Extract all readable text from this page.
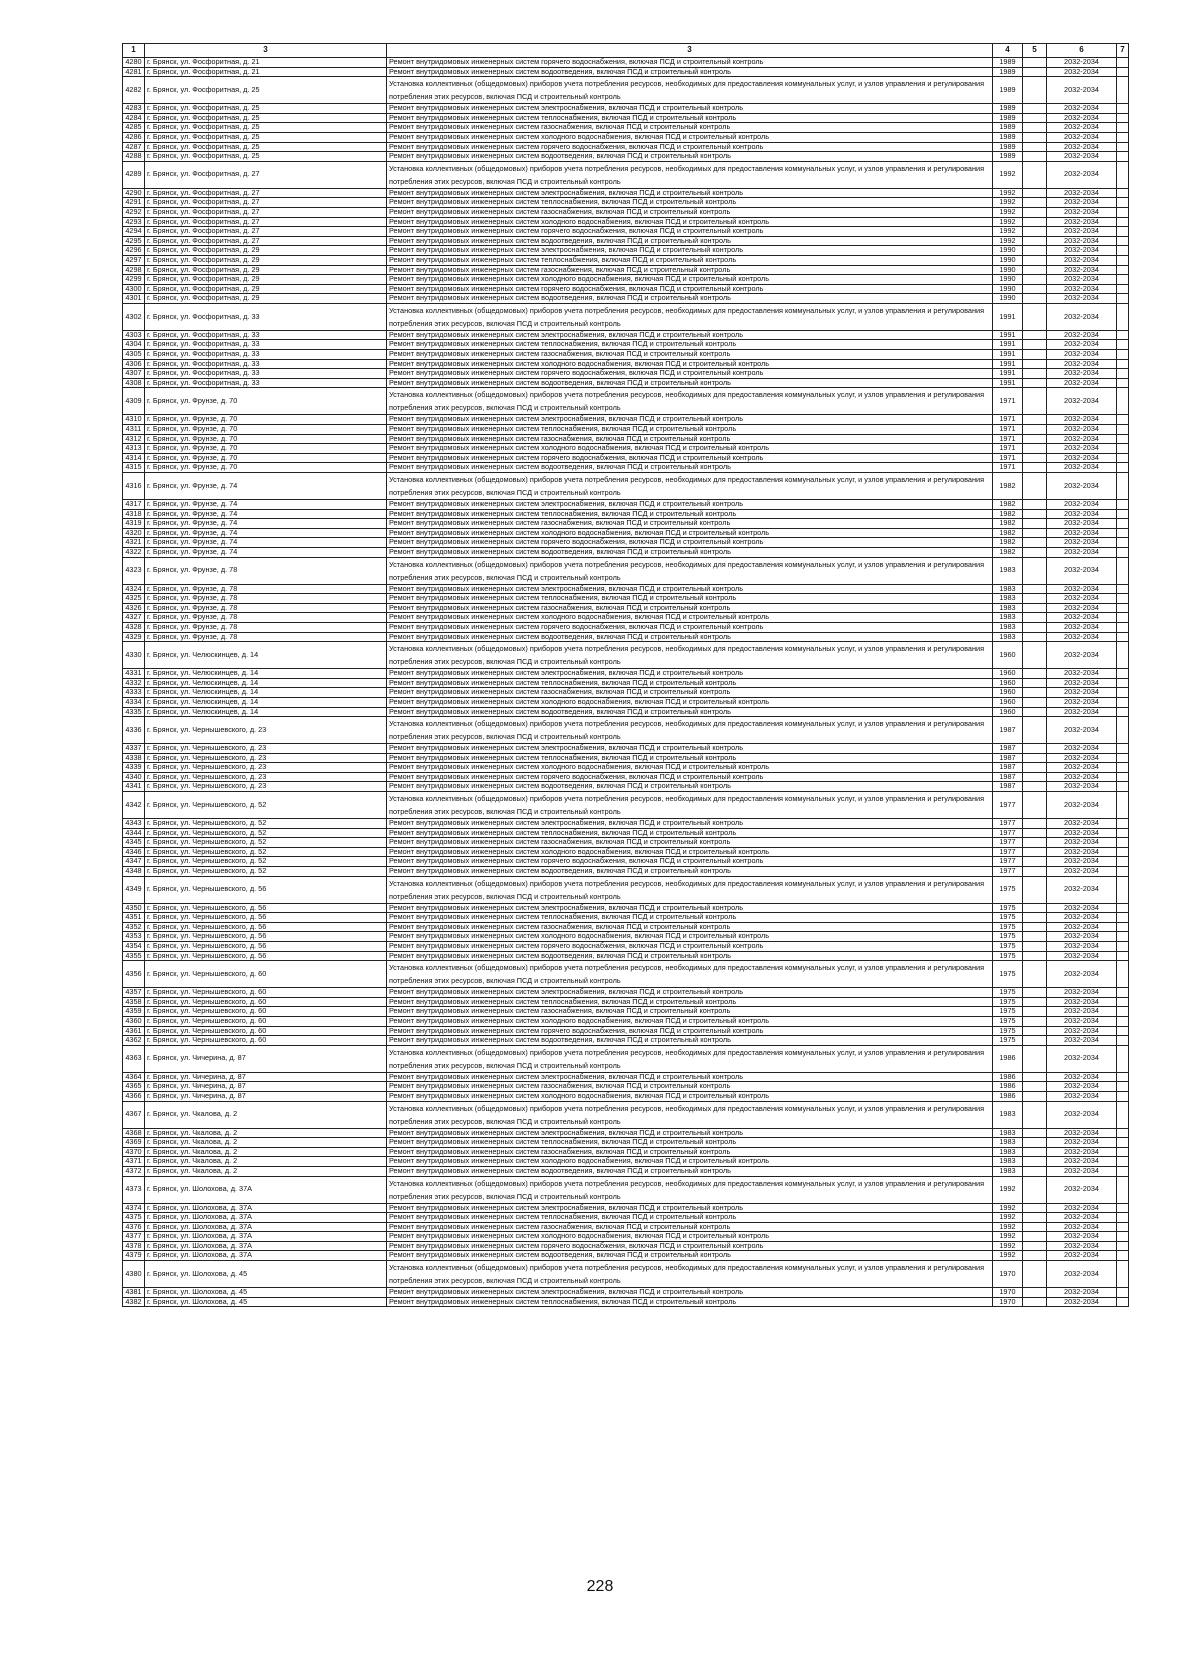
1	3	3	4	5	6	7
4280	г. Брянск, ул. Фосфоритная, д. 21	Ремонт внутридомовых инженерных систем горячего водоснабжения, включая ПСД и строительный контроль	1989		2032-2034	
4281	г. Брянск, ул. Фосфоритная, д. 21	Ремонт внутридомовых инженерных систем водоотведения, включая ПСД и строительный контроль	1989		2032-2034	
4282	г. Брянск, ул. Фосфоритная, д. 25	Установка коллективных (общедомовых) приборов учета потребления ресурсов, необходимых для предоставления коммунальных услуг, и узлов управления и регулирования потребления этих ресурсов, включая ПСД и строительный контроль	1989		2032-2034	
4283	г. Брянск, ул. Фосфоритная, д. 25	Ремонт внутридомовых инженерных систем электроснабжения, включая ПСД и строительный контроль	1989		2032-2034	
4284	г. Брянск, ул. Фосфоритная, д. 25	Ремонт внутридомовых инженерных систем теплоснабжения, включая ПСД и строительный контроль	1989		2032-2034	
4285	г. Брянск, ул. Фосфоритная, д. 25	Ремонт внутридомовых инженерных систем газоснабжения, включая ПСД и строительный контроль	1989		2032-2034	
4286	г. Брянск, ул. Фосфоритная, д. 25	Ремонт внутридомовых инженерных систем холодного водоснабжения, включая ПСД и строительный контроль	1989		2032-2034	
4287	г. Брянск, ул. Фосфоритная, д. 25	Ремонт внутридомовых инженерных систем горячего водоснабжения, включая ПСД и строительный контроль	1989		2032-2034	
4288	г. Брянск, ул. Фосфоритная, д. 25	Ремонт внутридомовых инженерных систем водоотведения, включая ПСД и строительный контроль	1989		2032-2034	
4289	г. Брянск, ул. Фосфоритная, д. 27	Установка коллективных (общедомовых) приборов учета потребления ресурсов, необходимых для предоставления коммунальных услуг, и узлов управления и регулирования потребления этих ресурсов, включая ПСД и строительный контроль	1992		2032-2034	
4290	г. Брянск, ул. Фосфоритная, д. 27	Ремонт внутридомовых инженерных систем электроснабжения, включая ПСД и строительный контроль	1992		2032-2034	
4291	г. Брянск, ул. Фосфоритная, д. 27	Ремонт внутридомовых инженерных систем теплоснабжения, включая ПСД и строительный контроль	1992		2032-2034	
4292	г. Брянск, ул. Фосфоритная, д. 27	Ремонт внутридомовых инженерных систем газоснабжения, включая ПСД и строительный контроль	1992		2032-2034	
4293	г. Брянск, ул. Фосфоритная, д. 27	Ремонт внутридомовых инженерных систем холодного водоснабжения, включая ПСД и строительный контроль	1992		2032-2034	
4294	г. Брянск, ул. Фосфоритная, д. 27	Ремонт внутридомовых инженерных систем горячего водоснабжения, включая ПСД и строительный контроль	1992		2032-2034	
4295	г. Брянск, ул. Фосфоритная, д. 27	Ремонт внутридомовых инженерных систем водоотведения, включая ПСД и строительный контроль	1992		2032-2034	
4296	г. Брянск, ул. Фосфоритная, д. 29	Ремонт внутридомовых инженерных систем электроснабжения, включая ПСД и строительный контроль	1990		2032-2034	
4297	г. Брянск, ул. Фосфоритная, д. 29	Ремонт внутридомовых инженерных систем теплоснабжения, включая ПСД и строительный контроль	1990		2032-2034	
4298	г. Брянск, ул. Фосфоритная, д. 29	Ремонт внутридомовых инженерных систем газоснабжения, включая ПСД и строительный контроль	1990		2032-2034	
4299	г. Брянск, ул. Фосфоритная, д. 29	Ремонт внутридомовых инженерных систем холодного водоснабжения, включая ПСД и строительный контроль	1990		2032-2034	
4300	г. Брянск, ул. Фосфоритная, д. 29	Ремонт внутридомовых инженерных систем горячего водоснабжения, включая ПСД и строительный контроль	1990		2032-2034	
4301	г. Брянск, ул. Фосфоритная, д. 29	Ремонт внутридомовых инженерных систем водоотведения, включая ПСД и строительный контроль	1990		2032-2034	
4302	г. Брянск, ул. Фосфоритная, д. 33	Установка коллективных (общедомовых) приборов учета потребления ресурсов, необходимых для предоставления коммунальных услуг, и узлов управления и регулирования потребления этих ресурсов, включая ПСД и строительный контроль	1991		2032-2034	
4303	г. Брянск, ул. Фосфоритная, д. 33	Ремонт внутридомовых инженерных систем электроснабжения, включая ПСД и строительный контроль	1991		2032-2034	
4304	г. Брянск, ул. Фосфоритная, д. 33	Ремонт внутридомовых инженерных систем теплоснабжения, включая ПСД и строительный контроль	1991		2032-2034	
4305	г. Брянск, ул. Фосфоритная, д. 33	Ремонт внутридомовых инженерных систем газоснабжения, включая ПСД и строительный контроль	1991		2032-2034	
4306	г. Брянск, ул. Фосфоритная, д. 33	Ремонт внутридомовых инженерных систем холодного водоснабжения, включая ПСД и строительный контроль	1991		2032-2034	
4307	г. Брянск, ул. Фосфоритная, д. 33	Ремонт внутридомовых инженерных систем горячего водоснабжения, включая ПСД и строительный контроль	1991		2032-2034	
4308	г. Брянск, ул. Фосфоритная, д. 33	Ремонт внутридомовых инженерных систем водоотведения, включая ПСД и строительный контроль	1991		2032-2034	
4309	г. Брянск, ул. Фрунзе, д. 70	Установка коллективных (общедомовых) приборов учета потребления ресурсов, необходимых для предоставления коммунальных услуг, и узлов управления и регулирования потребления этих ресурсов, включая ПСД и строительный контроль	1971		2032-2034	
4310	г. Брянск, ул. Фрунзе, д. 70	Ремонт внутридомовых инженерных систем электроснабжения, включая ПСД и строительный контроль	1971		2032-2034	
4311	г. Брянск, ул. Фрунзе, д. 70	Ремонт внутридомовых инженерных систем теплоснабжения, включая ПСД и строительный контроль	1971		2032-2034	
4312	г. Брянск, ул. Фрунзе, д. 70	Ремонт внутридомовых инженерных систем газоснабжения, включая ПСД и строительный контроль	1971		2032-2034	
4313	г. Брянск, ул. Фрунзе, д. 70	Ремонт внутридомовых инженерных систем холодного водоснабжения, включая ПСД и строительный контроль	1971		2032-2034	
4314	г. Брянск, ул. Фрунзе, д. 70	Ремонт внутридомовых инженерных систем горячего водоснабжения, включая ПСД и строительный контроль	1971		2032-2034	
4315	г. Брянск, ул. Фрунзе, д. 70	Ремонт внутридомовых инженерных систем водоотведения, включая ПСД и строительный контроль	1971		2032-2034	
4316	г. Брянск, ул. Фрунзе, д. 74	Установка коллективных (общедомовых) приборов учета потребления ресурсов, необходимых для предоставления коммунальных услуг, и узлов управления и регулирования потребления этих ресурсов, включая ПСД и строительный контроль	1982		2032-2034	
4317	г. Брянск, ул. Фрунзе, д. 74	Ремонт внутридомовых инженерных систем электроснабжения, включая ПСД и строительный контроль	1982		2032-2034	
4318	г. Брянск, ул. Фрунзе, д. 74	Ремонт внутридомовых инженерных систем теплоснабжения, включая ПСД и строительный контроль	1982		2032-2034	
4319	г. Брянск, ул. Фрунзе, д. 74	Ремонт внутридомовых инженерных систем газоснабжения, включая ПСД и строительный контроль	1982		2032-2034	
4320	г. Брянск, ул. Фрунзе, д. 74	Ремонт внутридомовых инженерных систем холодного водоснабжения, включая ПСД и строительный контроль	1982		2032-2034	
4321	г. Брянск, ул. Фрунзе, д. 74	Ремонт внутридомовых инженерных систем горячего водоснабжения, включая ПСД и строительный контроль	1982		2032-2034	
4322	г. Брянск, ул. Фрунзе, д. 74	Ремонт внутридомовых инженерных систем водоотведения, включая ПСД и строительный контроль	1982		2032-2034	
4323	г. Брянск, ул. Фрунзе, д. 78	Установка коллективных (общедомовых) приборов учета потребления ресурсов, необходимых для предоставления коммунальных услуг, и узлов управления и регулирования потребления этих ресурсов, включая ПСД и строительный контроль	1983		2032-2034	
4324	г. Брянск, ул. Фрунзе, д. 78	Ремонт внутридомовых инженерных систем электроснабжения, включая ПСД и строительный контроль	1983		2032-2034	
4325	г. Брянск, ул. Фрунзе, д. 78	Ремонт внутридомовых инженерных систем теплоснабжения, включая ПСД и строительный контроль	1983		2032-2034	
4326	г. Брянск, ул. Фрунзе, д. 78	Ремонт внутридомовых инженерных систем газоснабжения, включая ПСД и строительный контроль	1983		2032-2034	
4327	г. Брянск, ул. Фрунзе, д. 78	Ремонт внутридомовых инженерных систем холодного водоснабжения, включая ПСД и строительный контроль	1983		2032-2034	
4328	г. Брянск, ул. Фрунзе, д. 78	Ремонт внутридомовых инженерных систем горячего водоснабжения, включая ПСД и строительный контроль	1983		2032-2034	
4329	г. Брянск, ул. Фрунзе, д. 78	Ремонт внутридомовых инженерных систем водоотведения, включая ПСД и строительный контроль	1983		2032-2034	
4330	г. Брянск, ул. Челюскинцев, д. 14	Установка коллективных (общедомовых) приборов учета потребления ресурсов, необходимых для предоставления коммунальных услуг, и узлов управления и регулирования потребления этих ресурсов, включая ПСД и строительный контроль	1960		2032-2034	
4331	г. Брянск, ул. Челюскинцев, д. 14	Ремонт внутридомовых инженерных систем электроснабжения, включая ПСД и строительный контроль	1960		2032-2034	
4332	г. Брянск, ул. Челюскинцев, д. 14	Ремонт внутридомовых инженерных систем теплоснабжения, включая ПСД и строительный контроль	1960		2032-2034	
4333	г. Брянск, ул. Челюскинцев, д. 14	Ремонт внутридомовых инженерных систем газоснабжения, включая ПСД и строительный контроль	1960		2032-2034	
4334	г. Брянск, ул. Челюскинцев, д. 14	Ремонт внутридомовых инженерных систем холодного водоснабжения, включая ПСД и строительный контроль	1960		2032-2034	
4335	г. Брянск, ул. Челюскинцев, д. 14	Ремонт внутридомовых инженерных систем водоотведения, включая ПСД и строительный контроль	1960		2032-2034	
4336	г. Брянск, ул. Чернышевского, д. 23	Установка коллективных (общедомовых) приборов учета потребления ресурсов, необходимых для предоставления коммунальных услуг, и узлов управления и регулирования потребления этих ресурсов, включая ПСД и строительный контроль	1987		2032-2034	
4337	г. Брянск, ул. Чернышевского, д. 23	Ремонт внутридомовых инженерных систем электроснабжения, включая ПСД и строительный контроль	1987		2032-2034	
4338	г. Брянск, ул. Чернышевского, д. 23	Ремонт внутридомовых инженерных систем теплоснабжения, включая ПСД и строительный контроль	1987		2032-2034	
4339	г. Брянск, ул. Чернышевского, д. 23	Ремонт внутридомовых инженерных систем холодного водоснабжения, включая ПСД и строительный контроль	1987		2032-2034	
4340	г. Брянск, ул. Чернышевского, д. 23	Ремонт внутридомовых инженерных систем горячего водоснабжения, включая ПСД и строительный контроль	1987		2032-2034	
4341	г. Брянск, ул. Чернышевского, д. 23	Ремонт внутридомовых инженерных систем водоотведения, включая ПСД и строительный контроль	1987		2032-2034	
4342	г. Брянск, ул. Чернышевского, д. 52	Установка коллективных (общедомовых) приборов учета потребления ресурсов, необходимых для предоставления коммунальных услуг, и узлов управления и регулирования потребления этих ресурсов, включая ПСД и строительный контроль	1977		2032-2034	
4343	г. Брянск, ул. Чернышевского, д. 52	Ремонт внутридомовых инженерных систем электроснабжения, включая ПСД и строительный контроль	1977		2032-2034	
4344	г. Брянск, ул. Чернышевского, д. 52	Ремонт внутридомовых инженерных систем теплоснабжения, включая ПСД и строительный контроль	1977		2032-2034	
4345	г. Брянск, ул. Чернышевского, д. 52	Ремонт внутридомовых инженерных систем газоснабжения, включая ПСД и строительный контроль	1977		2032-2034	
4346	г. Брянск, ул. Чернышевского, д. 52	Ремонт внутридомовых инженерных систем холодного водоснабжения, включая ПСД и строительный контроль	1977		2032-2034	
4347	г. Брянск, ул. Чернышевского, д. 52	Ремонт внутридомовых инженерных систем горячего водоснабжения, включая ПСД и строительный контроль	1977		2032-2034	
4348	г. Брянск, ул. Чернышевского, д. 52	Ремонт внутридомовых инженерных систем водоотведения, включая ПСД и строительный контроль	1977		2032-2034	
4349	г. Брянск, ул. Чернышевского, д. 56	Установка коллективных (общедомовых) приборов учета потребления ресурсов, необходимых для предоставления коммунальных услуг, и узлов управления и регулирования потребления этих ресурсов, включая ПСД и строительный контроль	1975		2032-2034	
4350	г. Брянск, ул. Чернышевского, д. 56	Ремонт внутридомовых инженерных систем электроснабжения, включая ПСД и строительный контроль	1975		2032-2034	
4351	г. Брянск, ул. Чернышевского, д. 56	Ремонт внутридомовых инженерных систем теплоснабжения, включая ПСД и строительный контроль	1975		2032-2034	
4352	г. Брянск, ул. Чернышевского, д. 56	Ремонт внутридомовых инженерных систем газоснабжения, включая ПСД и строительный контроль	1975		2032-2034	
4353	г. Брянск, ул. Чернышевского, д. 56	Ремонт внутридомовых инженерных систем холодного водоснабжения, включая ПСД и строительный контроль	1975		2032-2034	
4354	г. Брянск, ул. Чернышевского, д. 56	Ремонт внутридомовых инженерных систем горячего водоснабжения, включая ПСД и строительный контроль	1975		2032-2034	
4355	г. Брянск, ул. Чернышевского, д. 56	Ремонт внутридомовых инженерных систем водоотведения, включая ПСД и строительный контроль	1975		2032-2034	
4356	г. Брянск, ул. Чернышевского, д. 60	Установка коллективных (общедомовых) приборов учета потребления ресурсов, необходимых для предоставления коммунальных услуг, и узлов управления и регулирования потребления этих ресурсов, включая ПСД и строительный контроль	1975		2032-2034	
4357	г. Брянск, ул. Чернышевского, д. 60	Ремонт внутридомовых инженерных систем электроснабжения, включая ПСД и строительный контроль	1975		2032-2034	
4358	г. Брянск, ул. Чернышевского, д. 60	Ремонт внутридомовых инженерных систем теплоснабжения, включая ПСД и строительный контроль	1975		2032-2034	
4359	г. Брянск, ул. Чернышевского, д. 60	Ремонт внутридомовых инженерных систем газоснабжения, включая ПСД и строительный контроль	1975		2032-2034	
4360	г. Брянск, ул. Чернышевского, д. 60	Ремонт внутридомовых инженерных систем холодного водоснабжения, включая ПСД и строительный контроль	1975		2032-2034	
4361	г. Брянск, ул. Чернышевского, д. 60	Ремонт внутридомовых инженерных систем горячего водоснабжения, включая ПСД и строительный контроль	1975		2032-2034	
4362	г. Брянск, ул. Чернышевского, д. 60	Ремонт внутридомовых инженерных систем водоотведения, включая ПСД и строительный контроль	1975		2032-2034	
4363	г. Брянск, ул. Чичерина, д. 87	Установка коллективных (общедомовых) приборов учета потребления ресурсов, необходимых для предоставления коммунальных услуг, и узлов управления и регулирования потребления этих ресурсов, включая ПСД и строительный контроль	1986		2032-2034	
4364	г. Брянск, ул. Чичерина, д. 87	Ремонт внутридомовых инженерных систем электроснабжения, включая ПСД и строительный контроль	1986		2032-2034	
4365	г. Брянск, ул. Чичерина, д. 87	Ремонт внутридомовых инженерных систем газоснабжения, включая ПСД и строительный контроль	1986		2032-2034	
4366	г. Брянск, ул. Чичерина, д. 87	Ремонт внутридомовых инженерных систем холодного водоснабжения, включая ПСД и строительный контроль	1986		2032-2034	
4367	г. Брянск, ул. Чкалова, д. 2	Установка коллективных (общедомовых) приборов учета потребления ресурсов, необходимых для предоставления коммунальных услуг, и узлов управления и регулирования потребления этих ресурсов, включая ПСД и строительный контроль	1983		2032-2034	
4368	г. Брянск, ул. Чкалова, д. 2	Ремонт внутридомовых инженерных систем электроснабжения, включая ПСД и строительный контроль	1983		2032-2034	
4369	г. Брянск, ул. Чкалова, д. 2	Ремонт внутридомовых инженерных систем теплоснабжения, включая ПСД и строительный контроль	1983		2032-2034	
4370	г. Брянск, ул. Чкалова, д. 2	Ремонт внутридомовых инженерных систем газоснабжения, включая ПСД и строительный контроль	1983		2032-2034	
4371	г. Брянск, ул. Чкалова, д. 2	Ремонт внутридомовых инженерных систем холодного водоснабжения, включая ПСД и строительный контроль	1983		2032-2034	
4372	г. Брянск, ул. Чкалова, д. 2	Ремонт внутридомовых инженерных систем водоотведения, включая ПСД и строительный контроль	1983		2032-2034	
4373	г. Брянск, ул. Шолохова, д. 37А	Установка коллективных (общедомовых) приборов учета потребления ресурсов, необходимых для предоставления коммунальных услуг, и узлов управления и регулирования потребления этих ресурсов, включая ПСД и строительный контроль	1992		2032-2034	
4374	г. Брянск, ул. Шолохова, д. 37А	Ремонт внутридомовых инженерных систем электроснабжения, включая ПСД и строительный контроль	1992		2032-2034	
4375	г. Брянск, ул. Шолохова, д. 37А	Ремонт внутридомовых инженерных систем теплоснабжения, включая ПСД и строительный контроль	1992		2032-2034	
4376	г. Брянск, ул. Шолохова, д. 37А	Ремонт внутридомовых инженерных систем газоснабжения, включая ПСД и строительный контроль	1992		2032-2034	
4377	г. Брянск, ул. Шолохова, д. 37А	Ремонт внутридомовых инженерных систем холодного водоснабжения, включая ПСД и строительный контроль	1992		2032-2034	
4378	г. Брянск, ул. Шолохова, д. 37А	Ремонт внутридомовых инженерных систем горячего водоснабжения, включая ПСД и строительный контроль	1992		2032-2034	
4379	г. Брянск, ул. Шолохова, д. 37А	Ремонт внутридомовых инженерных систем водоотведения, включая ПСД и строительный контроль	1992		2032-2034	
4380	г. Брянск, ул. Шолохова, д. 45	Установка коллективных (общедомовых) приборов учета потребления ресурсов, необходимых для предоставления коммунальных услуг, и узлов управления и регулирования потребления этих ресурсов, включая ПСД и строительный контроль	1970		2032-2034	
4381	г. Брянск, ул. Шолохова, д. 45	Ремонт внутридомовых инженерных систем электроснабжения, включая ПСД и строительный контроль	1970		2032-2034	
4382	г. Брянск, ул. Шолохова, д. 45	Ремонт внутридомовых инженерных систем теплоснабжения, включая ПСД и строительный контроль	1970		2032-2034	
228
